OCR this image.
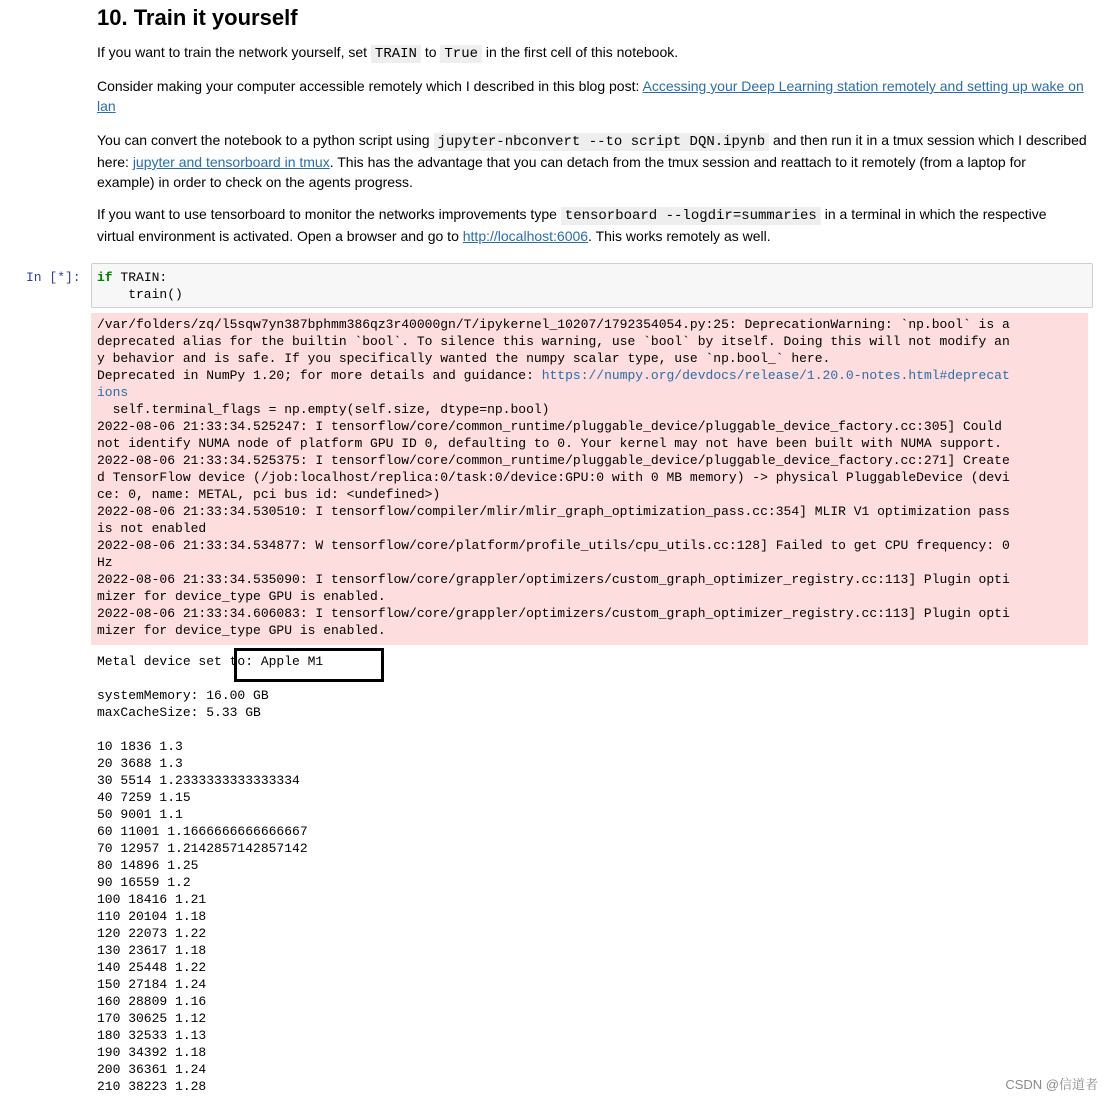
10. Train it yourself

If you want to train the network yourself, set TRAIN to True in the first cell of this notebook.

Consider making your computer accessible remotely which I described in this blog post: Accessing your Deep Learning station remotely and setting up wake on lan

You can convert the notebook to a python script using jupyter-nbconvert --to script DQN.ipynb and then run it in a tmux session which I described here: jupyter and tensorboard in tmux. This has the advantage that you can detach from the tmux session and reattach to it remotely (from a laptop for example) in order to check on the agents progress.

If you want to use tensorboard to monitor the networks improvements type tensorboard --logdir=summaries in a terminal in which the respective virtual environment is activated. Open a browser and go to http://localhost:6006. This works remotely as well.

In [*]: if TRAIN:
train()
/var/folders/zq/l5sqw7yn387bphmm386qz3r40000gn/T/ipykernel_10207/1792354054.py:25: DeprecationWarning: `np.bool` is a
deprecated alias for the builtin `bool`. To silence this warning, use `bool` by itself. Doing this will not modify an
y behavior and is safe. If you specifically wanted the numpy scalar type, use `np.bool_` here.
Deprecated in NumPy 1.20; for more details and guidance: https://numpy.org/devdocs/release/1.20.0-notes.html#deprecat
ions
self.terminal_flags = np.empty(self.size, dtype=np.bool)
2022-08-06 21:33:34.525247: I tensorflow/core/common_runtime/pluggable_device/pluggable_device_factory.cc:305] Could
not identify NUMA node of platform GPU ID 0, defaulting to 0. Your kernel may not have been built with NUMA support.
2022-08-06 21:33:34.525375: I tensorflow/core/common_runtime/pluggable_device/pluggable_device_factory.cc:271] Create
d TensorFlow device (/job:localhost/replica:0/task:0/device:GPU:0 with 0 MB memory) -> physical PluggableDevice (devi
ce: 0, name: METAL, pci bus id: <undefined>)
2022-08-06 21:33:34.530510: I tensorflow/compiler/mlir/mlir_graph_optimization_pass.cc:354] MLIR V1 optimization pass
is not enabled
2022-08-06 21:33:34.534877: W tensorflow/core/platform/profile_utils/cpu_utils.cc:128] Failed to get CPU frequency: 0
Hz
2022-08-06 21:33:34.535090: I tensorflow/core/grappler/optimizers/custom_graph_optimizer_registry.cc:113] Plugin opti
mizer for device_type GPU is enabled.
2022-08-06 21:33:34.606083: I tensorflow/core/grappler/optimizers/custom_graph_optimizer_registry.cc:113] Plugin opti
mizer for device_type GPU is enabled.
Metal device set to: Apple M1

systemMemory: 16.00 GB
maxCacheSize: 5.33 GB

10 1836 1.3
20 3688 1.3
30 5514 1.2333333333333334
40 7259 1.15
50 9001 1.1
60 11001 1.1666666666666667
70 12957 1.2142857142857142
80 14896 1.25
90 16559 1.2
100 18416 1.21
110 20104 1.18
120 22073 1.22
130 23617 1.18
140 25448 1.22
150 27184 1.24
160 28809 1.16
170 30625 1.12
180 32533 1.13
190 34392 1.18
200 36361 1.24
210 38223 1.28	CSDN @信道者
